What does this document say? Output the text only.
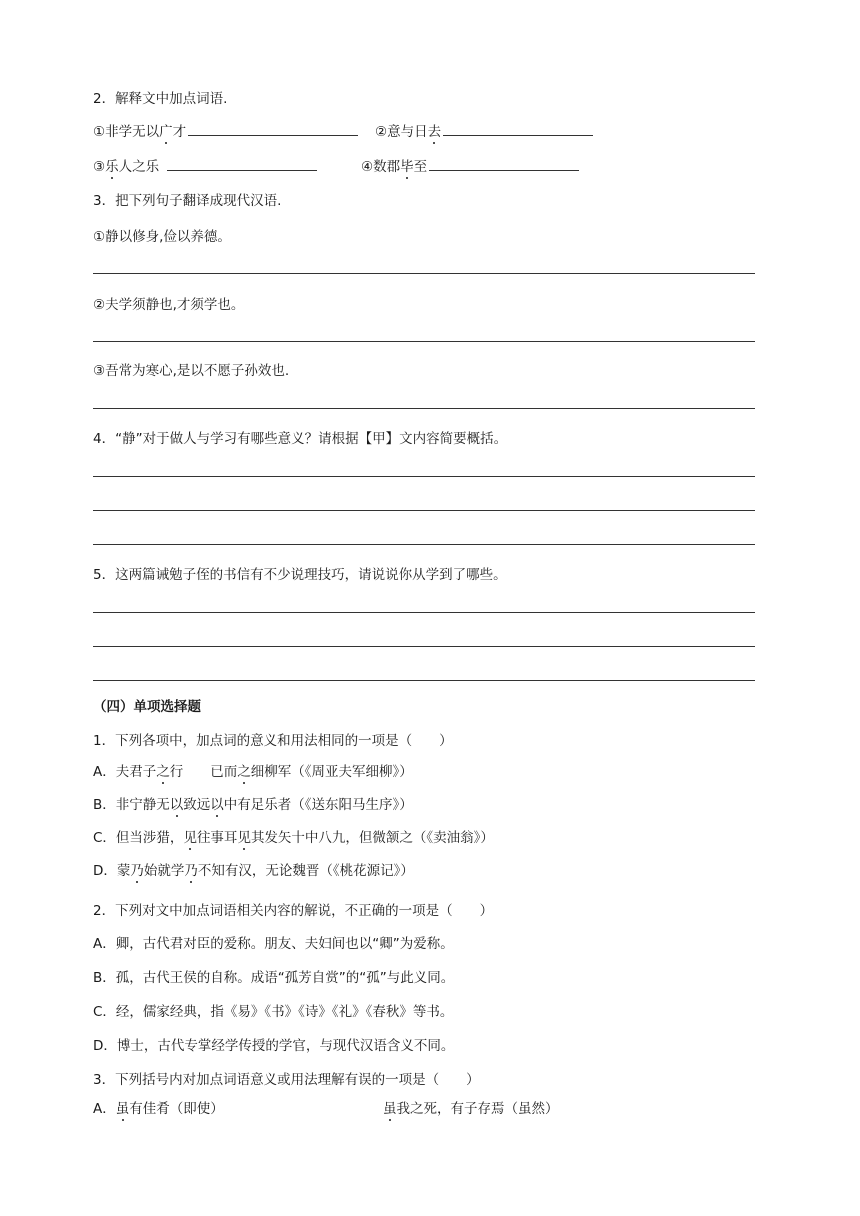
2．解释文中加点词语.
①非学无以广才	②意与日去
③乐人之乐	④数郡毕至
3．把下列句子翻译成现代汉语.
①静以修身,俭以养德。
②夫学须静也,才须学也。
③吾常为寒心,是以不愿子孙效也.
4．“静”对于做人与学习有哪些意义？请根据【甲】文内容简要概括。
5．这两篇诫勉子侄的书信有不少说理技巧，请说说你从学到了哪些。
（四）单项选择题
1．下列各项中，加点词的意义和用法相同的一项是（　　）
A．夫君子之行　　已而之细柳军（《周亚夫军细柳》）
B．非宁静无以致远以中有足乐者（《送东阳马生序》）
C．但当涉猎，见往事耳见其发矢十中八九，但微颔之（《卖油翁》）
D．蒙乃始就学乃不知有汉，无论魏晋（《桃花源记》）
2．下列对文中加点词语相关内容的解说，不正确的一项是（　　）
A．卿，古代君对臣的爱称。朋友、夫妇间也以“卿”为爱称。
B．孤，古代王侯的自称。成语“孤芳自赏”的“孤”与此义同。
C．经，儒家经典，指《易》《书》《诗》《礼》《春秋》等书。
D．博士，古代专掌经学传授的学官，与现代汉语含义不同。
3．下列括号内对加点词语意义或用法理解有误的一项是（　　）
A．虽有佳肴（即使）	虽我之死，有子存焉（虽然）
